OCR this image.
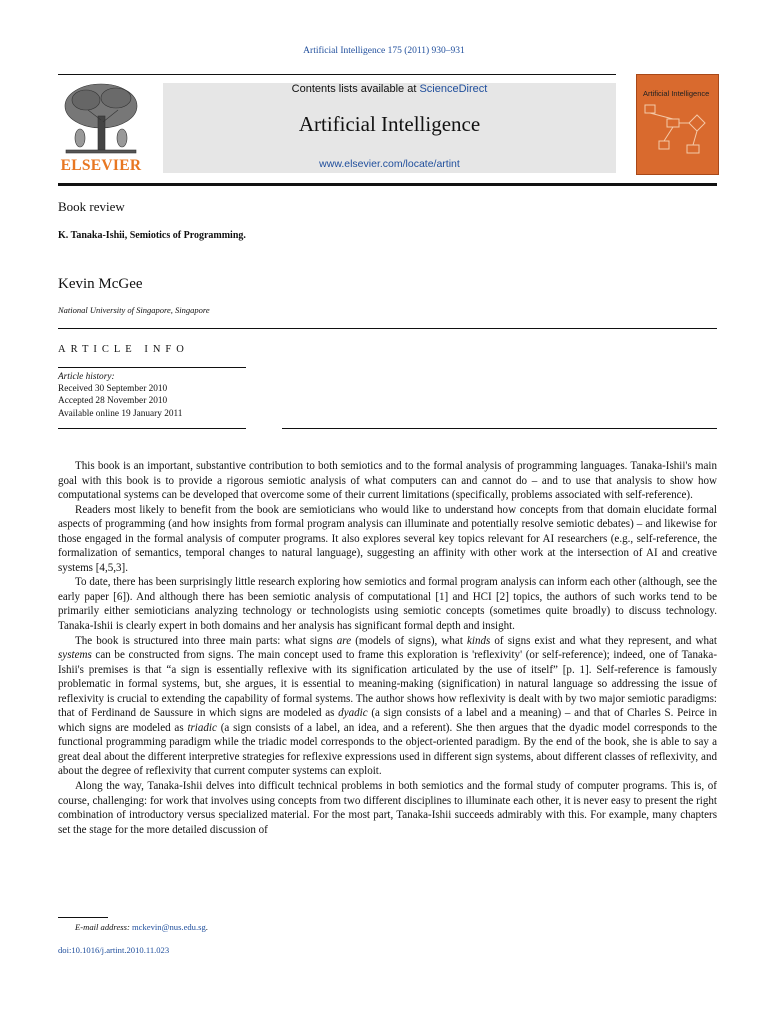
Artificial Intelligence 175 (2011) 930–931
ELSEVIER
Contents lists available at ScienceDirect
Artificial Intelligence
www.elsevier.com/locate/artint
Artificial Intelligence
Book review
K. Tanaka-Ishii, Semiotics of Programming.
Kevin McGee
National University of Singapore, Singapore
ARTICLE INFO
Article history:
Received 30 September 2010
Accepted 28 November 2010
Available online 19 January 2011

This book is an important, substantive contribution to both semiotics and to the formal analysis of programming languages. Tanaka-Ishii's main goal with this book is to provide a rigorous semiotic analysis of what computers can and cannot do – and to use that analysis to show how computational systems can be developed that overcome some of their current limitations (specifically, problems associated with self-reference).

Readers most likely to benefit from the book are semioticians who would like to understand how concepts from that domain elucidate formal aspects of programming (and how insights from formal program analysis can illuminate and potentially resolve semiotic debates) – and likewise for those engaged in the formal analysis of computer programs. It also explores several key topics relevant for AI researchers (e.g., self-reference, the formalization of semantics, temporal changes to natural language), suggesting an affinity with other work at the intersection of AI and creative systems [4,5,3].

To date, there has been surprisingly little research exploring how semiotics and formal program analysis can inform each other (although, see the early paper [6]). And although there has been semiotic analysis of computational [1] and HCI [2] topics, the authors of such works tend to be primarily either semioticians analyzing technology or technologists using semiotic concepts (sometimes quite broadly) to discuss technology. Tanaka-Ishii is clearly expert in both domains and her analysis has significant formal depth and insight.

The book is structured into three main parts: what signs are (models of signs), what kinds of signs exist and what they represent, and what systems can be constructed from signs. The main concept used to frame this exploration is 'reflexivity' (or self-reference); indeed, one of Tanaka-Ishii's premises is that “a sign is essentially reflexive with its signification articulated by the use of itself” [p. 1]. Self-reference is famously problematic in formal systems, but, she argues, it is essential to meaning-making (signification) in natural language so addressing the issue of reflexivity is crucial to extending the capability of formal systems. The author shows how reflexivity is dealt with by two major semiotic paradigms: that of Ferdinand de Saussure in which signs are modeled as dyadic (a sign consists of a label and a meaning) – and that of Charles S. Peirce in which signs are modeled as triadic (a sign consists of a label, an idea, and a referent). She then argues that the dyadic model corresponds to the functional programming paradigm while the triadic model corresponds to the object-oriented paradigm. By the end of the book, she is able to say a great deal about the different interpretive strategies for reflexive expressions used in different sign systems, about different classes of reflexivity, and about the degree of reflexivity that current computer systems can exploit.

Along the way, Tanaka-Ishii delves into difficult technical problems in both semiotics and the formal study of computer programs. This is, of course, challenging: for work that involves using concepts from two different disciplines to illuminate each other, it is never easy to present the right combination of introductory versus specialized material. For the most part, Tanaka-Ishii succeeds admirably with this. For example, many chapters set the stage for the more detailed discussion of

E-mail address: mckevin@nus.edu.sg.
doi:10.1016/j.artint.2010.11.023
